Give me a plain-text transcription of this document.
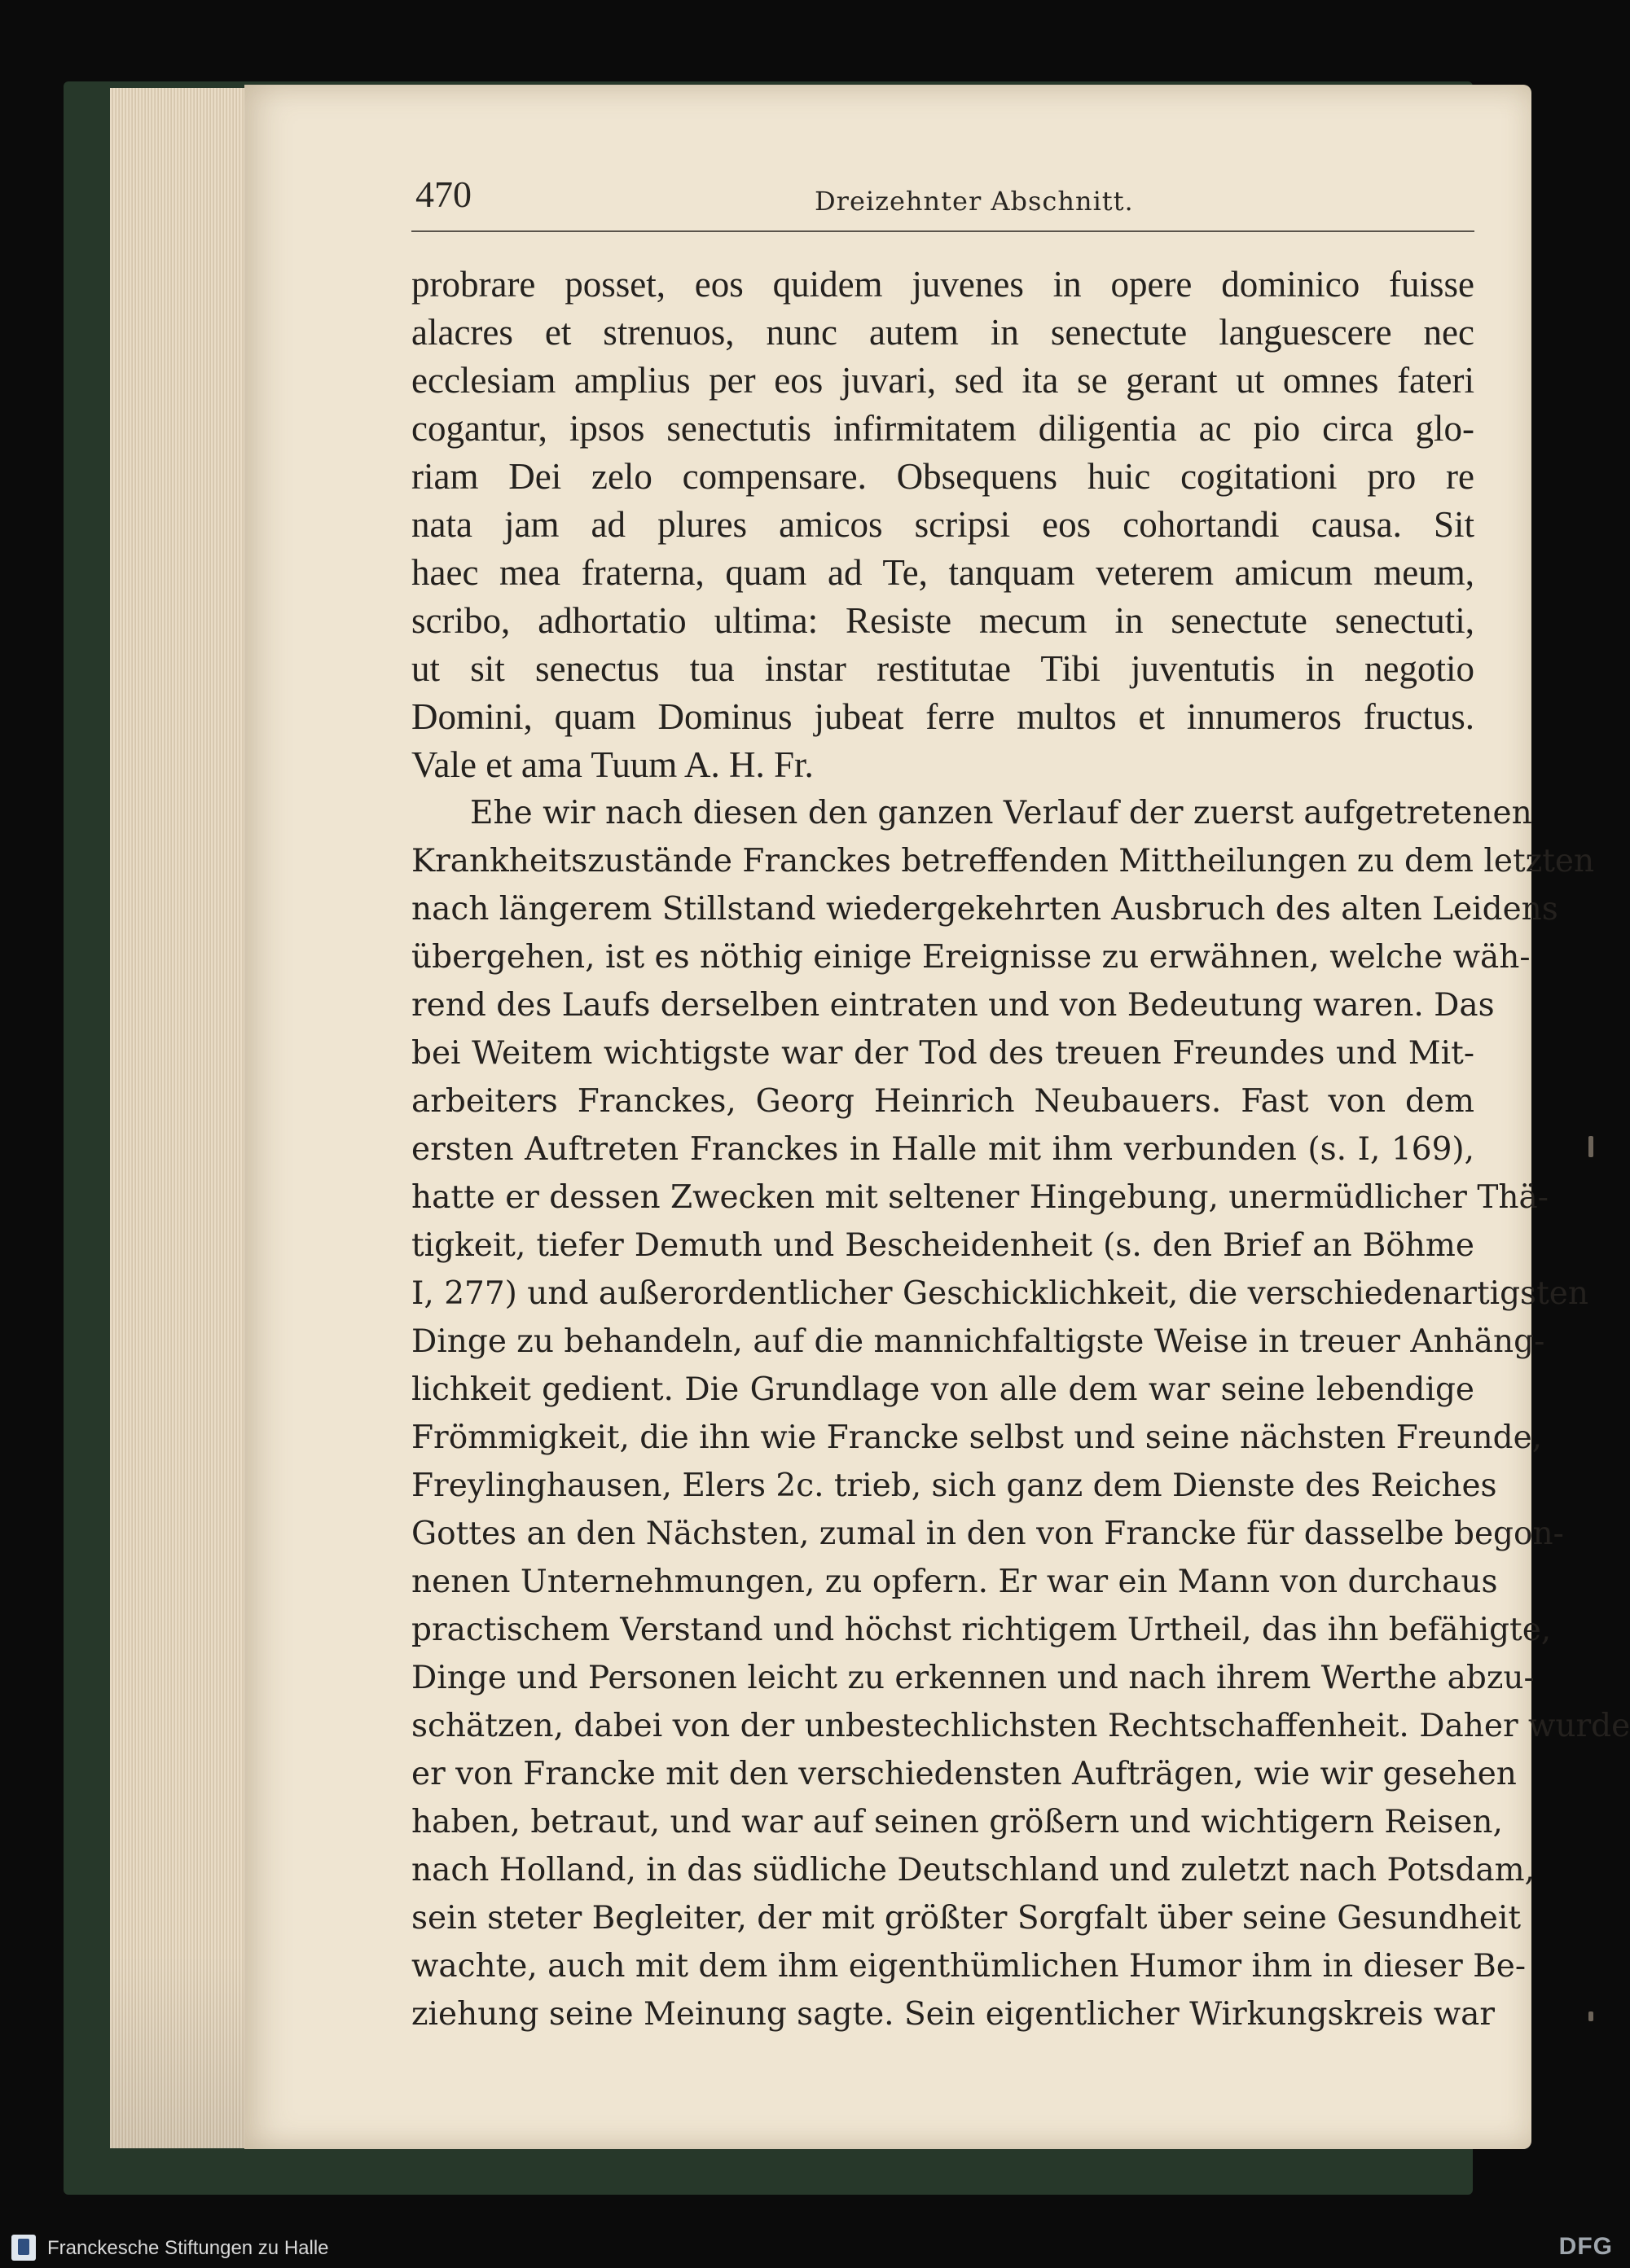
470	Dreizehnter Abschnitt.
probrare posset, eos quidem juvenes in opere dominico fuisse
alacres et strenuos, nunc autem in senectute languescere nec
ecclesiam amplius per eos juvari, sed ita se gerant ut omnes fateri
cogantur, ipsos senectutis infirmitatem diligentia ac pio circa glo-
riam Dei zelo compensare. Obsequens huic cogitationi pro re
nata jam ad plures amicos scripsi eos cohortandi causa. Sit
haec mea fraterna, quam ad Te, tanquam veterem amicum meum,
scribo, adhortatio ultima: Resiste mecum in senectute senectuti,
ut sit senectus tua instar restitutae Tibi juventutis in negotio
Domini, quam Dominus jubeat ferre multos et innumeros fructus.
Vale et ama Tuum A. H. Fr.
Ehe wir nach diesen den ganzen Verlauf der zuerst aufgetretenen
Krankheitszustände Franckes betreffenden Mittheilungen zu dem letzten
nach längerem Stillstand wiedergekehrten Ausbruch des alten Leidens
übergehen, ist es nöthig einige Ereignisse zu erwähnen, welche wäh-
rend des Laufs derselben eintraten und von Bedeutung waren. Das
bei Weitem wichtigste war der Tod des treuen Freundes und Mit-
arbeiters Franckes, Georg Heinrich Neubauers. Fast von dem
ersten Auftreten Franckes in Halle mit ihm verbunden (s. I, 169),
hatte er dessen Zwecken mit seltener Hingebung, unermüdlicher Thä-
tigkeit, tiefer Demuth und Bescheidenheit (s. den Brief an Böhme
I, 277) und außerordentlicher Geschicklichkeit, die verschiedenartigsten
Dinge zu behandeln, auf die mannichfaltigste Weise in treuer Anhäng-
lichkeit gedient. Die Grundlage von alle dem war seine lebendige
Frömmigkeit, die ihn wie Francke selbst und seine nächsten Freunde,
Freylinghausen, Elers 2c. trieb, sich ganz dem Dienste des Reiches
Gottes an den Nächsten, zumal in den von Francke für dasselbe begon-
nenen Unternehmungen, zu opfern. Er war ein Mann von durchaus
practischem Verstand und höchst richtigem Urtheil, das ihn befähigte,
Dinge und Personen leicht zu erkennen und nach ihrem Werthe abzu-
schätzen, dabei von der unbestechlichsten Rechtschaffenheit. Daher wurde
er von Francke mit den verschiedensten Aufträgen, wie wir gesehen
haben, betraut, und war auf seinen größern und wichtigern Reisen,
nach Holland, in das südliche Deutschland und zuletzt nach Potsdam,
sein steter Begleiter, der mit größter Sorgfalt über seine Gesundheit
wachte, auch mit dem ihm eigenthümlichen Humor ihm in dieser Be-
ziehung seine Meinung sagte. Sein eigentlicher Wirkungskreis war
Franckesche Stiftungen zu Halle	DFG
